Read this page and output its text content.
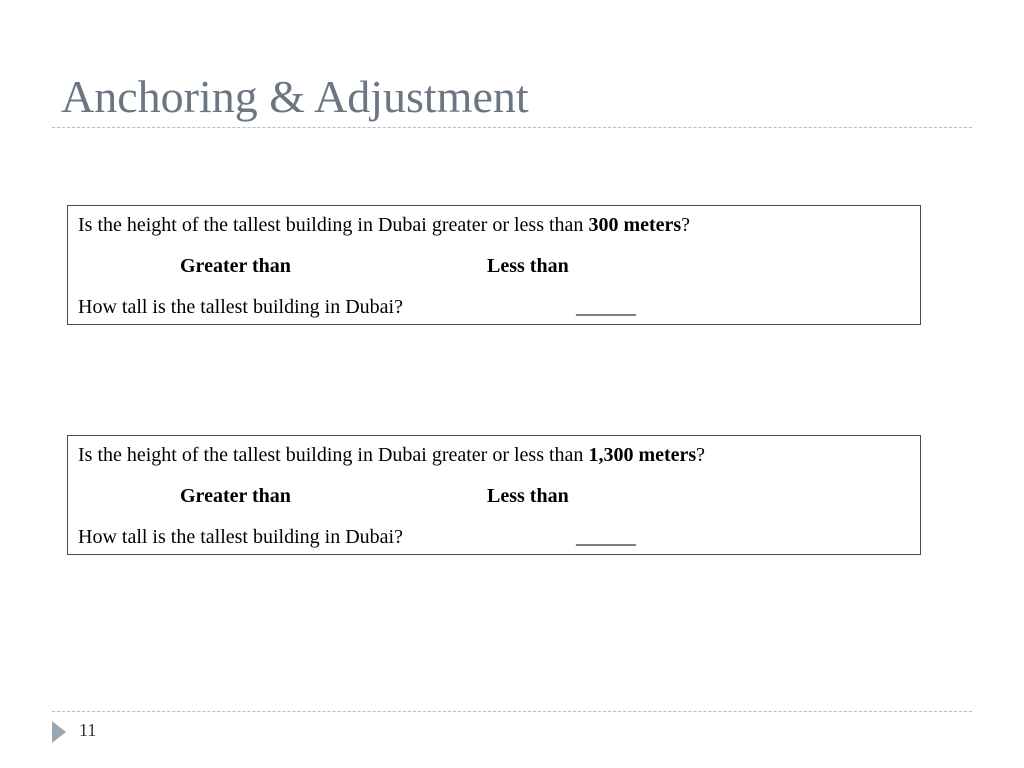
Anchoring & Adjustment
Is the height of the tallest building in Dubai greater or less than 300 meters?
Greater than	Less than
How tall is the tallest building in Dubai?	______
Is the height of the tallest building in Dubai greater or less than 1,300 meters?
Greater than	Less than
How tall is the tallest building in Dubai?	______
11
